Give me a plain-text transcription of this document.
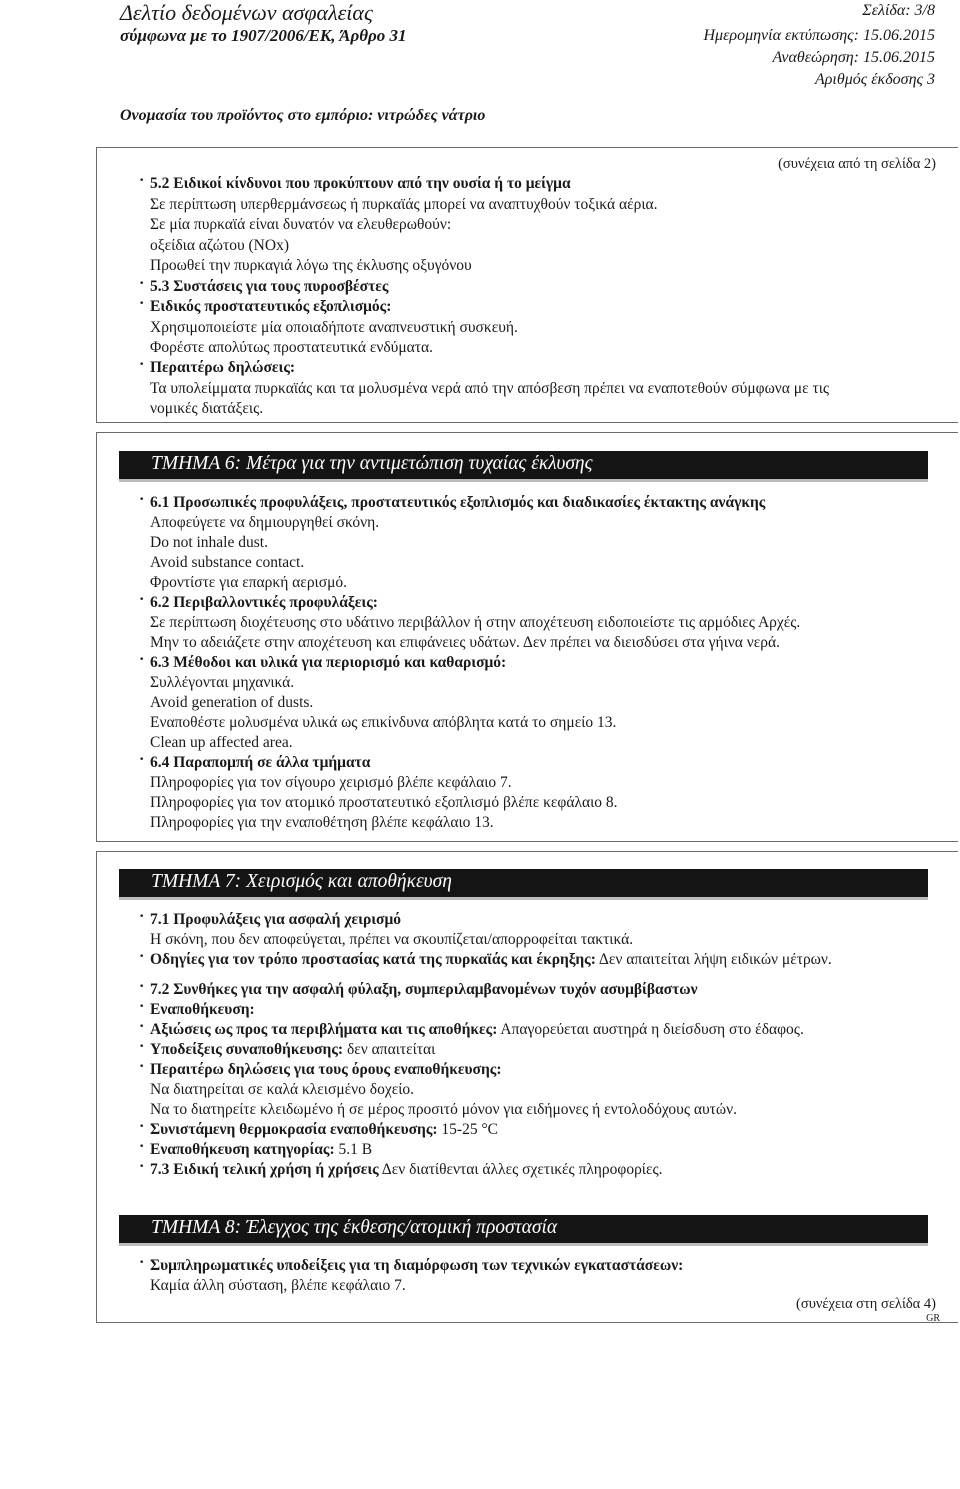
Δελτίο δεδομένων ασφαλείας
σύμφωνα με το 1907/2006/ΕΚ, Άρθρο 31
Σελίδα: 3/8
Ημερομηνία εκτύπωσης: 15.06.2015
Αναθεώρηση: 15.06.2015
Αριθμός έκδοσης 3
Ονομασία του προϊόντος στο εμπόριο: νιτρώδες νάτριο
(συνέχεια από τη σελίδα 2)
· 5.2 Ειδικοί κίνδυνοι που προκύπτουν από την ουσία ή το μείγμα
Σε περίπτωση υπερθερμάνσεως ή πυρκαϊάς μπορεί να αναπτυχθούν τοξικά αέρια.
Σε μία πυρκαϊά είναι δυνατόν να ελευθερωθούν:
οξείδια αζώτου (NOx)
Προωθεί την πυρκαγιά λόγω της έκλυσης οξυγόνου
· 5.3 Συστάσεις για τους πυροσβέστες
· Ειδικός προστατευτικός εξοπλισμός:
Χρησιμοποιείστε μία οποιαδήποτε αναπνευστική συσκευή.
Φορέστε απολύτως προστατευτικά ενδύματα.
· Περαιτέρω δηλώσεις:
Τα υπολείμματα πυρκαϊάς και τα μολυσμένα νερά από την απόσβεση πρέπει να εναποτεθούν σύμφωνα με τις
νομικές διατάξεις.
ΤΜΗΜΑ 6: Μέτρα για την αντιμετώπιση τυχαίας έκλυσης
· 6.1 Προσωπικές προφυλάξεις, προστατευτικός εξοπλισμός και διαδικασίες έκτακτης ανάγκης
Αποφεύγετε να δημιουργηθεί σκόνη.
Do not inhale dust.
Avoid substance contact.
Φροντίστε για επαρκή αερισμό.
· 6.2 Περιβαλλοντικές προφυλάξεις:
Σε περίπτωση διοχέτευσης στο υδάτινο περιβάλλον ή στην αποχέτευση ειδοποιείστε τις αρμόδιες Αρχές.
Μην το αδειάζετε στην αποχέτευση και επιφάνειες υδάτων. Δεν πρέπει να διεισδύσει στα γήινα νερά.
· 6.3 Μέθοδοι και υλικά για περιορισμό και καθαρισμό:
Συλλέγονται μηχανικά.
Avoid generation of dusts.
Εναποθέστε μολυσμένα υλικά ως επικίνδυνα απόβλητα κατά το σημείο 13.
Clean up affected area.
· 6.4 Παραπομπή σε άλλα τμήματα
Πληροφορίες για τον σίγουρο χειρισμό βλέπε κεφάλαιο 7.
Πληροφορίες για τον ατομικό προστατευτικό εξοπλισμό βλέπε κεφάλαιο 8.
Πληροφορίες για την εναποθέτηση βλέπε κεφάλαιο 13.
ΤΜΗΜΑ 7: Χειρισμός και αποθήκευση
· 7.1 Προφυλάξεις για ασφαλή χειρισμό
Η σκόνη, που δεν αποφεύγεται, πρέπει να σκουπίζεται/απορροφείται τακτικά.
· Οδηγίες για τον τρόπο προστασίας κατά της πυρκαϊάς και έκρηξης: Δεν απαιτείται λήψη ειδικών μέτρων.
· 7.2 Συνθήκες για την ασφαλή φύλαξη, συμπεριλαμβανομένων τυχόν ασυμβίβαστων
· Εναποθήκευση:
· Αξιώσεις ως προς τα περιβλήματα και τις αποθήκες: Απαγορεύεται αυστηρά η διείσδυση στο έδαφος.
· Υποδείξεις συναποθήκευσης: δεν απαιτείται
· Περαιτέρω δηλώσεις για τους όρους εναποθήκευσης:
Να διατηρείται σε καλά κλεισμένο δοχείο.
Να το διατηρείτε κλειδωμένο ή σε μέρος προσιτό μόνον για ειδήμονες ή εντολοδόχους αυτών.
· Συνιστάμενη θερμοκρασία εναποθήκευσης: 15-25 °C
· Εναποθήκευση κατηγορίας: 5.1 B
· 7.3 Ειδική τελική χρήση ή χρήσεις Δεν διατίθενται άλλες σχετικές πληροφορίες.
ΤΜΗΜΑ 8: Έλεγχος της έκθεσης/ατομική προστασία
· Συμπληρωματικές υποδείξεις για τη διαμόρφωση των τεχνικών εγκαταστάσεων:
Καμία άλλη σύσταση, βλέπε κεφάλαιο 7.
(συνέχεια στη σελίδα 4)
GR
